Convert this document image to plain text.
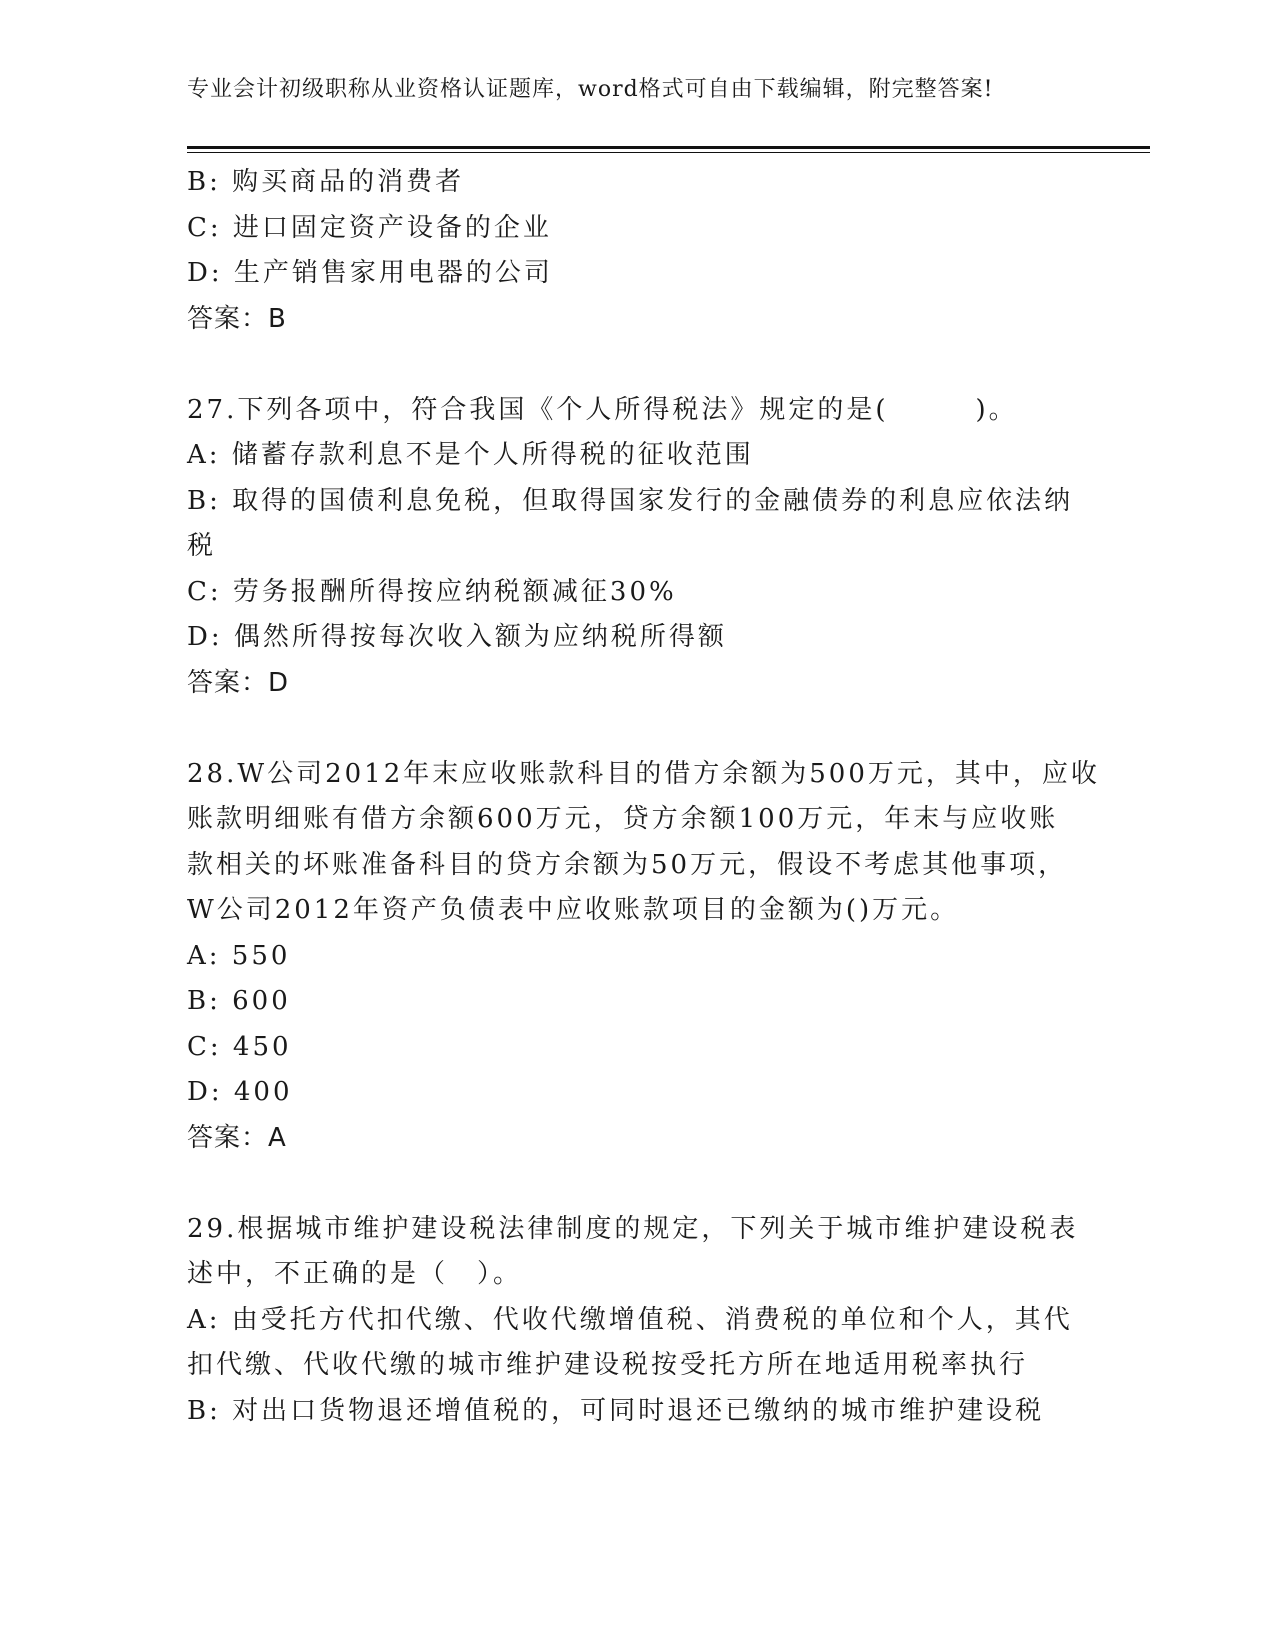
专业会计初级职称从业资格认证题库，word格式可自由下载编辑，附完整答案!
B: 购买商品的消费者
C: 进口固定资产设备的企业
D: 生产销售家用电器的公司
答案：B
27.下列各项中，符合我国《个人所得税法》规定的是(　　　)。
A: 储蓄存款利息不是个人所得税的征收范围
B: 取得的国债利息免税，但取得国家发行的金融债券的利息应依法纳
税
C: 劳务报酬所得按应纳税额减征30%
D: 偶然所得按每次收入额为应纳税所得额
答案：D
28.W公司2012年末应收账款科目的借方余额为500万元，其中，应收
账款明细账有借方余额600万元，贷方余额100万元，年末与应收账
款相关的坏账准备科目的贷方余额为50万元，假设不考虑其他事项，
W公司2012年资产负债表中应收账款项目的金额为()万元。
A: 550
B: 600
C: 450
D: 400
答案：A
29.根据城市维护建设税法律制度的规定，下列关于城市维护建设税表
述中，不正确的是（　）。
A: 由受托方代扣代缴、代收代缴增值税、消费税的单位和个人，其代
扣代缴、代收代缴的城市维护建设税按受托方所在地适用税率执行
B: 对出口货物退还增值税的，可同时退还已缴纳的城市维护建设税
